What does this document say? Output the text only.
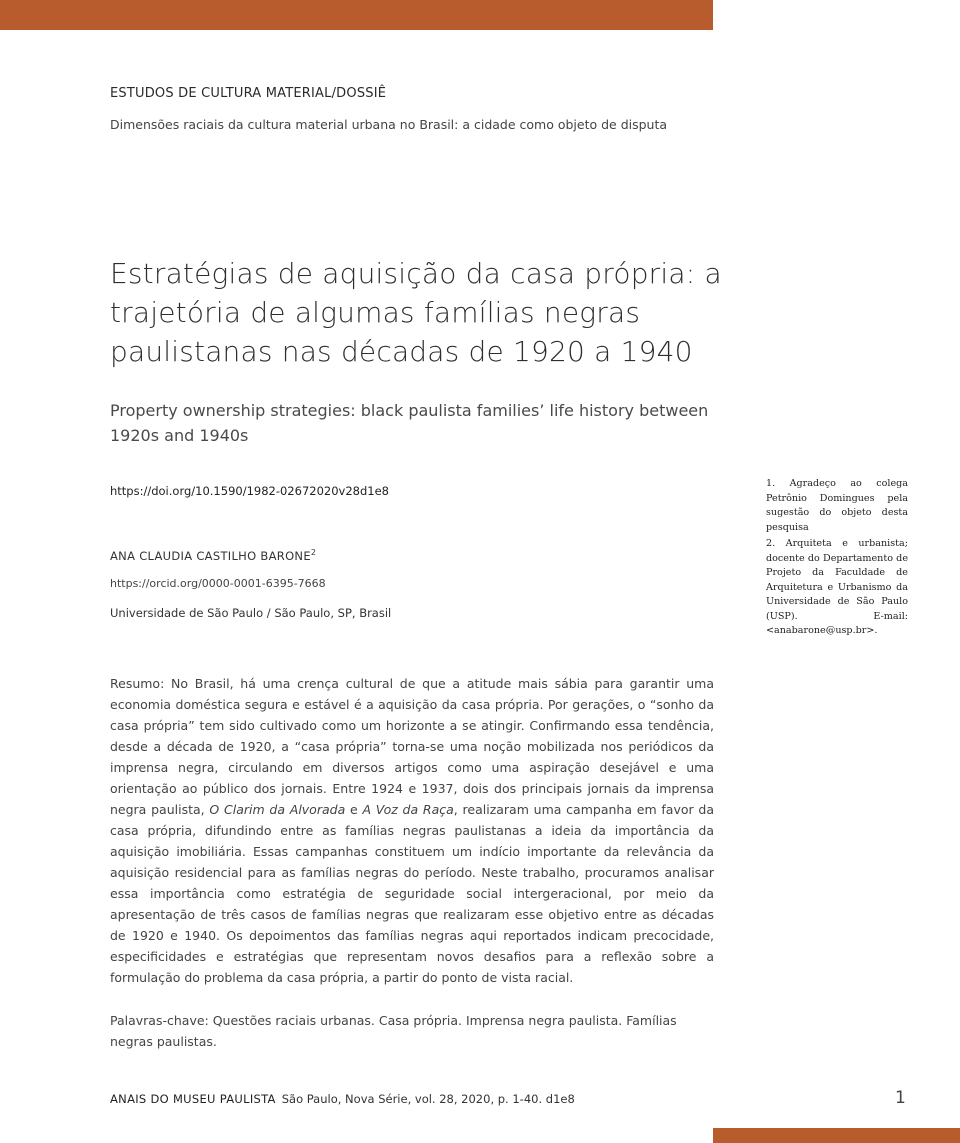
ESTUDOS DE CULTURA MATERIAL/DOSSIÊ
Dimensões raciais da cultura material urbana no Brasil: a cidade como objeto de disputa
Estratégias de aquisição da casa própria: a trajetória de algumas famílias negras paulistanas nas décadas de 1920 a 1940
Property ownership strategies: black paulista families’ life history between 1920s and 1940s
https://doi.org/10.1590/1982-02672020v28d1e8
ANA CLAUDIA CASTILHO BARONE$^2$
https://orcid.org/0000-0001-6395-7668
Universidade de São Paulo / São Paulo, SP, Brasil
1. Agradeço ao colega Petrônio Domingues pela sugestão do objeto desta pesquisa
2. Arquiteta e urbanista; docente do Departamento de Projeto da Faculdade de Arquitetura e Urbanismo da Universidade de São Paulo (USP). E-mail: <anabarone@usp.br>.
Resumo: No Brasil, há uma crença cultural de que a atitude mais sábia para garantir uma economia doméstica segura e estável é a aquisição da casa própria. Por gerações, o “sonho da casa própria” tem sido cultivado como um horizonte a se atingir. Confirmando essa tendência, desde a década de 1920, a “casa própria” torna-se uma noção mobilizada nos periódicos da imprensa negra, circulando em diversos artigos como uma aspiração desejável e uma orientação ao público dos jornais. Entre 1924 e 1937, dois dos principais jornais da imprensa negra paulista, O Clarim da Alvorada e A Voz da Raça, realizaram uma campanha em favor da casa própria, difundindo entre as famílias negras paulistanas a ideia da importância da aquisição imobiliária. Essas campanhas constituem um indício importante da relevância da aquisição residencial para as famílias negras do período. Neste trabalho, procuramos analisar essa importância como estratégia de seguridade social intergeracional, por meio da apresentação de três casos de famílias negras que realizaram esse objetivo entre as décadas de 1920 e 1940. Os depoimentos das famílias negras aqui reportados indicam precocidade, especificidades e estratégias que representam novos desafios para a reflexão sobre a formulação do problema da casa própria, a partir do ponto de vista racial.
Palavras-chave: Questões raciais urbanas. Casa própria. Imprensa negra paulista. Famílias negras paulistas.
ANAIS DO MUSEU PAULISTA São Paulo, Nova Série, vol. 28, 2020, p. 1-40. d1e8	1
